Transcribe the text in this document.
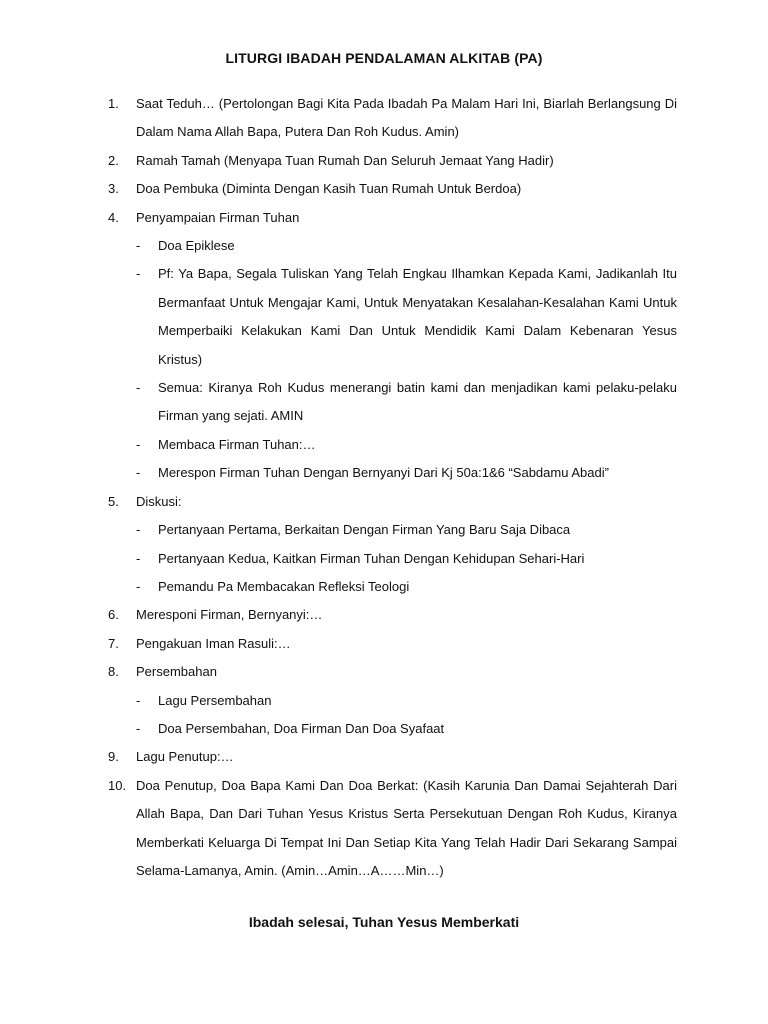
LITURGI IBADAH PENDALAMAN ALKITAB (PA)
1.	Saat Teduh… (Pertolongan Bagi Kita Pada Ibadah Pa Malam Hari Ini, Biarlah Berlangsung Di Dalam Nama Allah Bapa, Putera Dan Roh Kudus. Amin)
2.	Ramah Tamah (Menyapa Tuan Rumah Dan Seluruh Jemaat Yang Hadir)
3.	Doa Pembuka (Diminta Dengan Kasih Tuan Rumah Untuk Berdoa)
4.	Penyampaian Firman Tuhan
- Doa Epiklese
- Pf: Ya Bapa, Segala Tuliskan Yang Telah Engkau Ilhamkan Kepada Kami, Jadikanlah Itu Bermanfaat Untuk Mengajar Kami, Untuk Menyatakan Kesalahan-Kesalahan Kami Untuk Memperbaiki Kelakukan Kami Dan Untuk Mendidik Kami Dalam Kebenaran Yesus Kristus)
- Semua: Kiranya Roh Kudus menerangi batin kami dan menjadikan kami pelaku-pelaku Firman yang sejati. AMIN
- Membaca Firman Tuhan:…
- Merespon Firman Tuhan Dengan Bernyanyi Dari Kj 50a:1&6 “Sabdamu Abadi”
5.	Diskusi:
- Pertanyaan Pertama, Berkaitan Dengan Firman Yang Baru Saja Dibaca
- Pertanyaan Kedua, Kaitkan Firman Tuhan Dengan Kehidupan Sehari-Hari
- Pemandu Pa Membacakan Refleksi Teologi
6.	Meresponi Firman, Bernyanyi:…
7.	Pengakuan Iman Rasuli:…
8.	Persembahan
- Lagu Persembahan
- Doa Persembahan, Doa Firman Dan Doa Syafaat
9.	Lagu Penutup:…
10. Doa Penutup, Doa Bapa Kami Dan Doa Berkat: (Kasih Karunia Dan Damai Sejahterah Dari Allah Bapa, Dan Dari Tuhan Yesus Kristus Serta Persekutuan Dengan Roh Kudus, Kiranya Memberkati Keluarga Di Tempat Ini Dan Setiap Kita Yang Telah Hadir Dari Sekarang Sampai Selama-Lamanya, Amin. (Amin…Amin…A……Min…)
Ibadah selesai, Tuhan Yesus Memberkati
